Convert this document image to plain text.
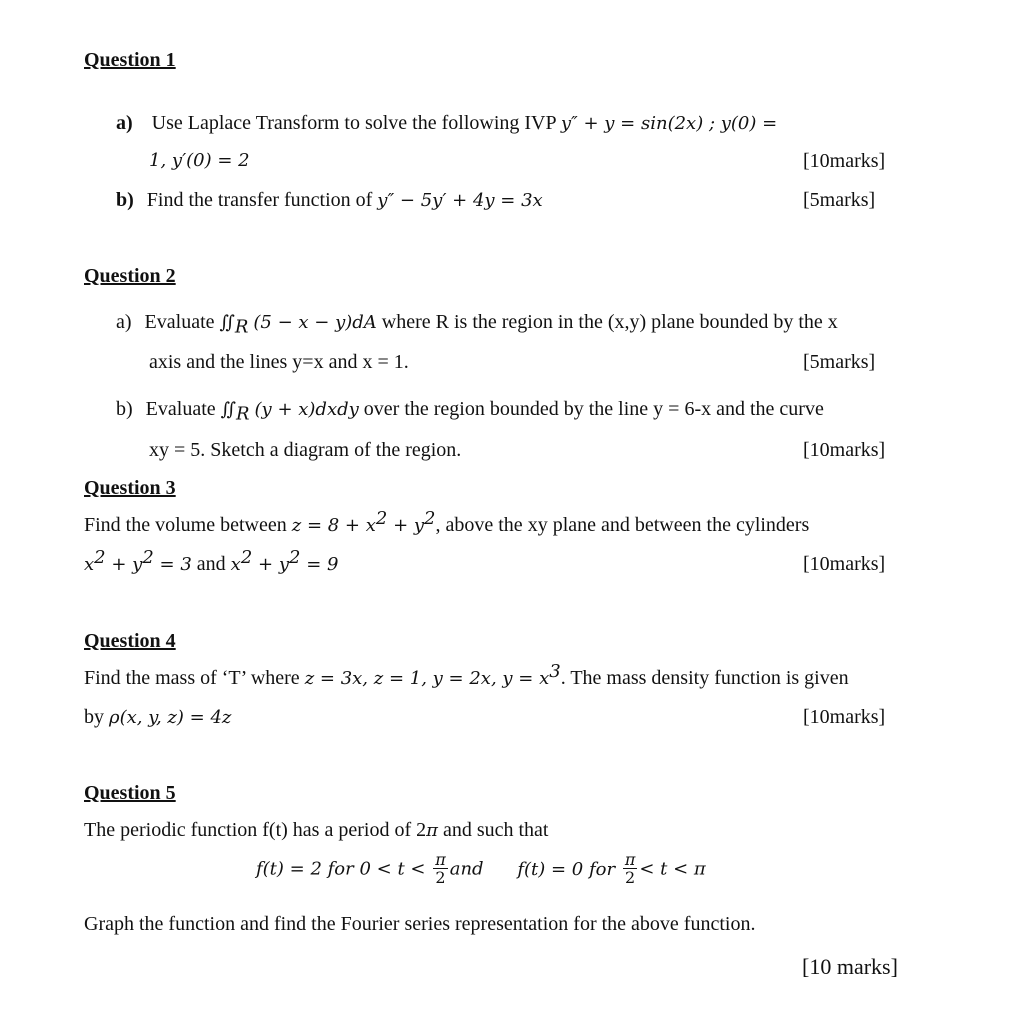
Question 1
a) Use Laplace Transform to solve the following IVP y″ + y = sin(2x) ; y(0) =
1, y′(0) = 2	[10marks]
b) Find the transfer function of y″ − 5y′ + 4y = 3x	[5marks]
Question 2
a) Evaluate $∬_R$ (5 − x − y)dA where R is the region in the (x,y) plane bounded by the x
axis and the lines y=x and x = 1.	[5marks]
b) Evaluate $∬_R$ (y + x)dxdy over the region bounded by the line y = 6-x and the curve
xy = 5. Sketch a diagram of the region.	[10marks]
Question 3
Find the volume between $z = 8 + x^2 + y^2$, above the xy plane and between the cylinders
$x^2 + y^2 = 3$ and $x^2 + y^2 = 9$	[10marks]
Question 4
Find the mass of ‘T’ where z = 3x, z = 1, y = 2x, $y = x^3$. The mass density function is given
by ρ(x, y, z) = 4z	[10marks]
Question 5
The periodic function f(t) has a period of 2π and such that
f(t) = 2 for $0 < t < \frac{\pi}{2}$ and f(t) = 0 for $\frac{\pi}{2} < t < \pi$
Graph the function and find the Fourier series representation for the above function.
[10 marks]
